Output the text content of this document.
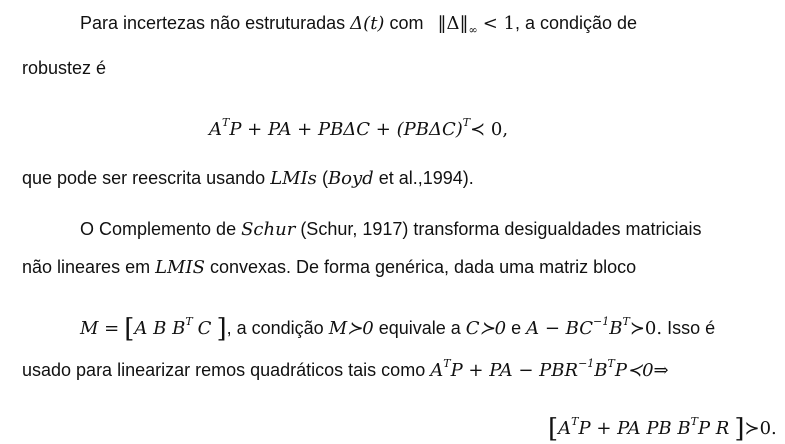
Para incertezas não estruturadas Δ(t) com $‖\Delta‖_\infty < 1$, a condição de
robustez é
$A^TP$ + PA + $PB\Delta C + (PB\Delta C)^T≺$ 0,
que pode ser reescrita usando LMIs (Boyd et al.,1994).
O Complemento de Schur (Schur, 1917) transforma desigualdades matriciais
não lineares em LMIS convexas. De forma genérica, dada uma matriz bloco
M = [A B $B^T$ C ], a condição M≻0 equivale a C≻0 e $A - BC^{-1}B^T≻0$. Isso é
usado para linearizar remos quadráticos tais como $A^TP$ + PA − $PBR^{-1}B^TP≺0\Rightarrow$
[$A^TP$ + PA PB $B^TP$ R ]≻0.
